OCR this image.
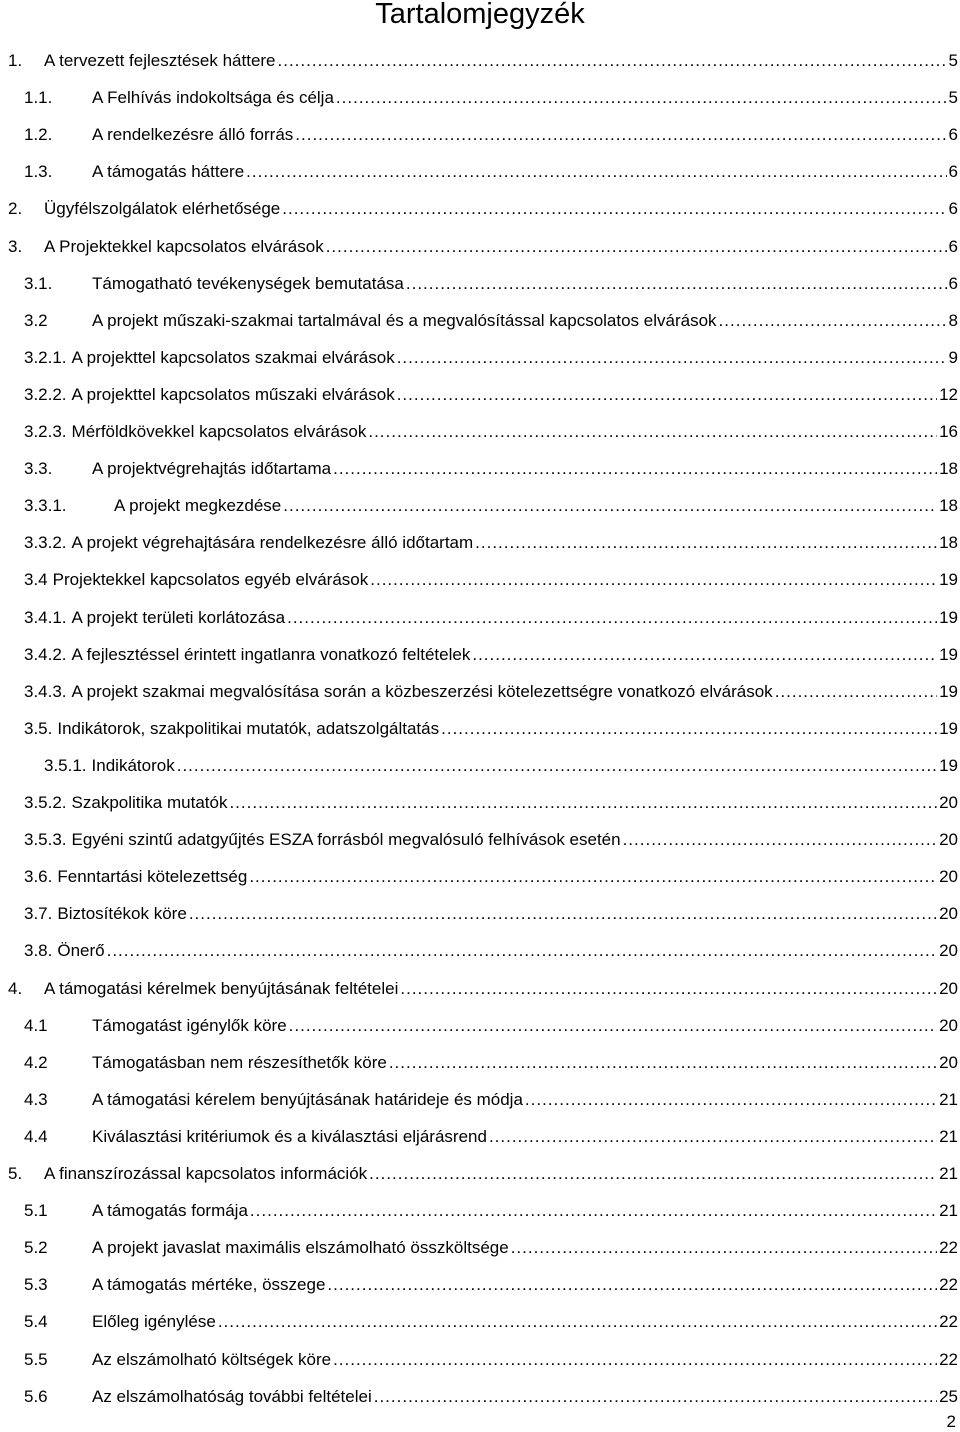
Tartalomjegyzék
1.	A tervezett fejlesztések háttere .....	5
1.1.	A Felhívás indokoltsága és célja .....	5
1.2.	A rendelkezésre álló forrás .....	6
1.3.	A támogatás háttere .....	6
2.	Ügyfélszolgálatok elérhetősége .....	6
3.	A Projektekkel kapcsolatos elvárások .....	6
3.1.	Támogatható tevékenységek bemutatása .....	6
3.2	A projekt műszaki-szakmai tartalmával és a megvalósítással kapcsolatos elvárások .....	8
3.2.1. A projekttel kapcsolatos szakmai elvárások .....	9
3.2.2. A projekttel kapcsolatos műszaki elvárások .....	12
3.2.3. Mérföldkövekkel kapcsolatos elvárások .....	16
3.3.	A projektvégrehajtás időtartama .....	18
3.3.1.	A projekt megkezdése .....	18
3.3.2. A projekt végrehajtására rendelkezésre álló időtartam .....	18
3.4 Projektekkel kapcsolatos egyéb elvárások .....	19
3.4.1. A projekt területi korlátozása .....	19
3.4.2. A fejlesztéssel érintett ingatlanra vonatkozó feltételek .....	19
3.4.3. A projekt szakmai megvalósítása során a közbeszerzési kötelezettségre vonatkozó elvárások .....	19
3.5. Indikátorok, szakpolitikai mutatók, adatszolgáltatás .....	19
3.5.1. Indikátorok .....	19
3.5.2. Szakpolitika mutatók .....	20
3.5.3. Egyéni szintű adatgyűjtés ESZA forrásból megvalósuló felhívások esetén .....	20
3.6. Fenntartási kötelezettség .....	20
3.7. Biztosítékok köre .....	20
3.8. Önerő .....	20
4.	A támogatási kérelmek benyújtásának feltételei .....	20
4.1	Támogatást igénylők köre .....	20
4.2	Támogatásban nem részesíthetők köre .....	20
4.3	A támogatási kérelem benyújtásának határideje és módja .....	21
4.4	Kiválasztási kritériumok és a kiválasztási eljárásrend .....	21
5.	A finanszírozással kapcsolatos információk .....	21
5.1	A támogatás formája .....	21
5.2	A projekt javaslat maximális elszámolható összköltsége .....	22
5.3	A támogatás mértéke, összege .....	22
5.4	Előleg igénylése .....	22
5.5	Az elszámolható költségek köre .....	22
5.6	Az elszámolhatóság további feltételei .....	25
2
